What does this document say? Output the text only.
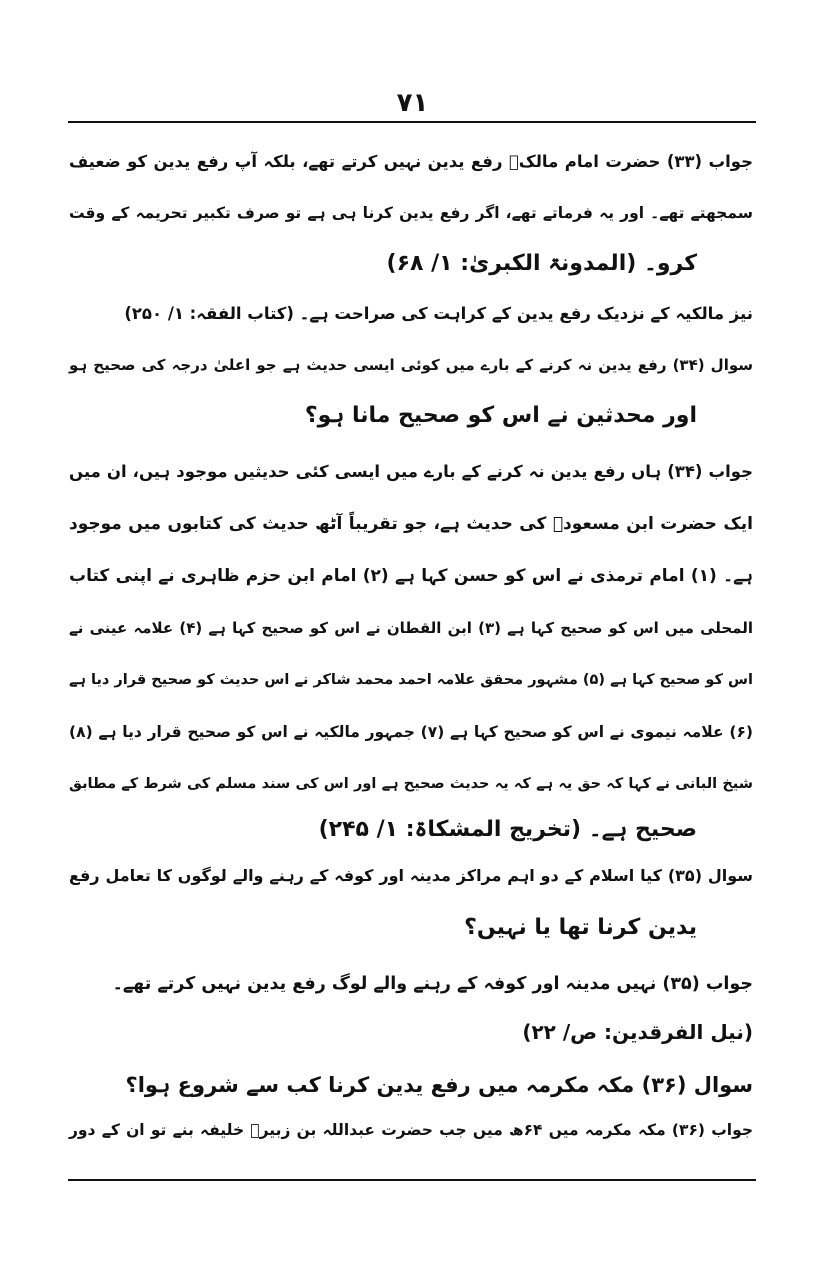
۷۱
جواب (۳۳) حضرت امام مالکؒ رفع یدین نہیں کرتے تھے، بلکہ آپ رفع یدین کو ضعیف
سمجھتے تھے۔ اور یہ فرماتے تھے، اگر رفع یدین کرنا ہی ہے تو صرف تکبیر تحریمہ کے وقت
کرو۔ (المدونۃ الکبریٰ: ۱/ ۶۸)
نیز مالکیہ کے نزدیک رفع یدین کے کراہت کی صراحت ہے۔ (کتاب الفقہ: ۱/ ۲۵۰)
سوال (۳۴) رفع یدین نہ کرنے کے بارے میں کوئی ایسی حدیث ہے جو اعلیٰ درجہ کی صحیح ہو
اور محدثین نے اس کو صحیح مانا ہو؟
جواب (۳۴) ہاں رفع یدین نہ کرنے کے بارے میں ایسی کئی حدیثیں موجود ہیں، ان میں
ایک حضرت ابن مسعودؓ کی حدیث ہے، جو تقریباً آٹھ حدیث کی کتابوں میں موجود
ہے۔ (۱) امام ترمذی نے اس کو حسن کہا ہے (۲) امام ابن حزم ظاہری نے اپنی کتاب
المحلی میں اس کو صحیح کہا ہے (۳) ابن القطان نے اس کو صحیح کہا ہے (۴) علامہ عینی نے
اس کو صحیح کہا ہے (۵) مشہور محقق علامہ احمد محمد شاکر نے اس حدیث کو صحیح قرار دیا ہے
(۶) علامہ نیموی نے اس کو صحیح کہا ہے (۷) جمہور مالکیہ نے اس کو صحیح قرار دیا ہے (۸)
شیخ البانی نے کہا کہ حق یہ ہے کہ یہ حدیث صحیح ہے اور اس کی سند مسلم کی شرط کے مطابق
صحیح ہے۔ (تخریج المشکاۃ: ۱/ ۲۴۵)
سوال (۳۵) کیا اسلام کے دو اہم مراکز مدینہ اور کوفہ کے رہنے والے لوگوں کا تعامل رفع
یدین کرنا تھا یا نہیں؟
جواب (۳۵) نہیں مدینہ اور کوفہ کے رہنے والے لوگ رفع یدین نہیں کرتے تھے۔
(نیل الفرقدین: ص/ ۲۲)
سوال (۳۶) مکہ مکرمہ میں رفع یدین کرنا کب سے شروع ہوا؟
جواب (۳۶) مکہ مکرمہ میں ۶۴ھ میں جب حضرت عبداللہ بن زبیرؓ خلیفہ بنے تو ان کے دور
